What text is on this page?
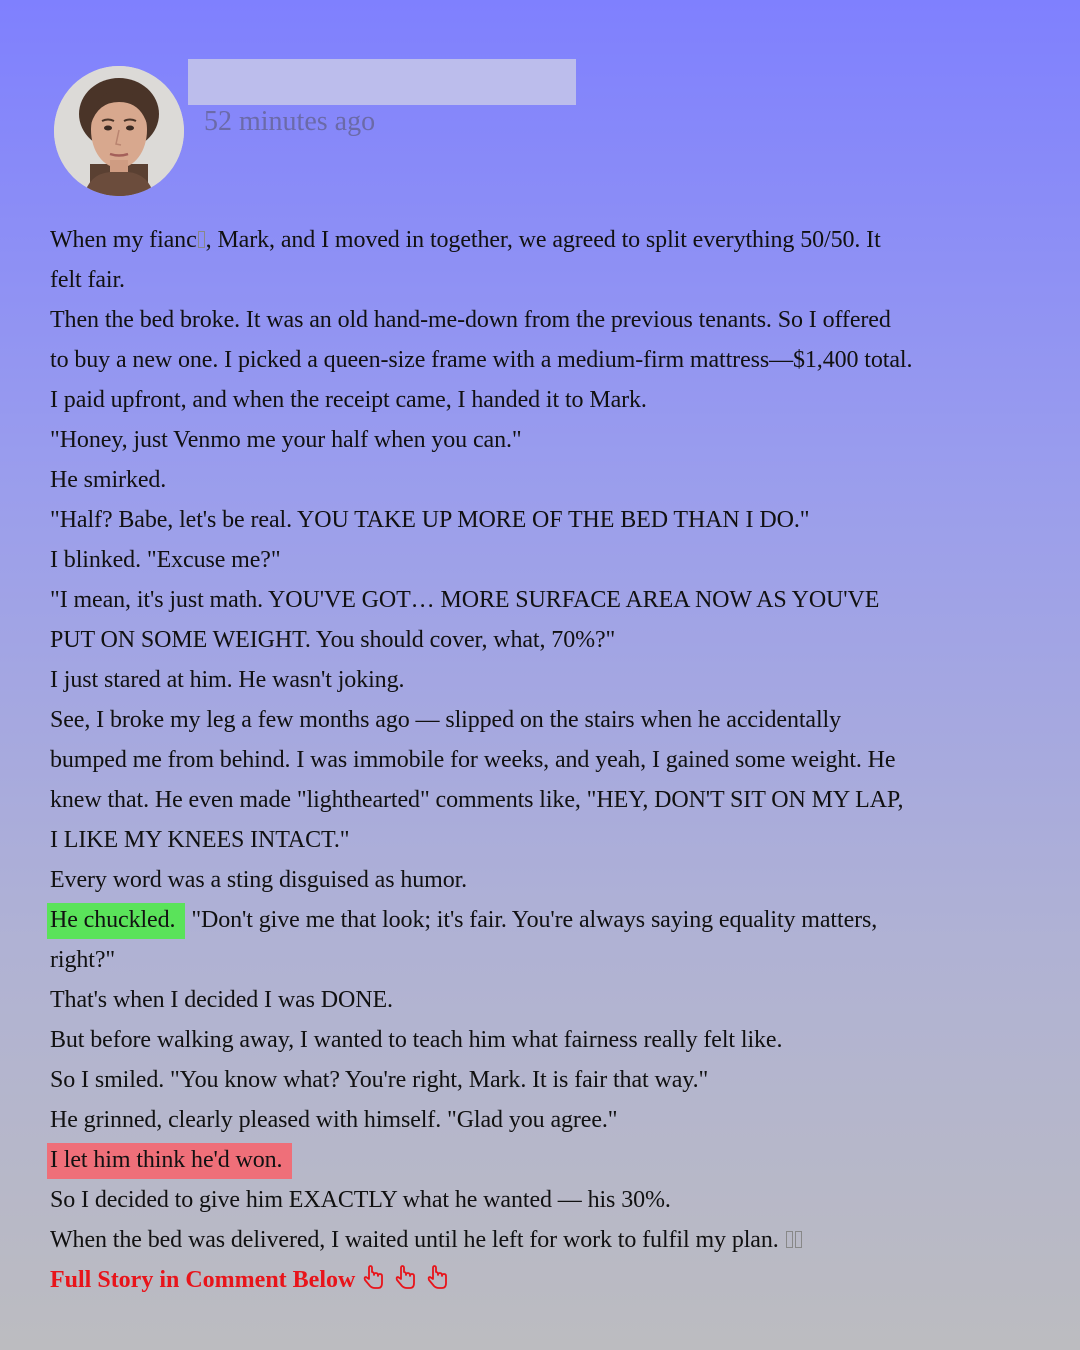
52 minutes ago
When my fianc , Mark, and I moved in together, we agreed to split everything 50/50. It
felt fair.
Then the bed broke. It was an old hand-me-down from the previous tenants. So I offered
to buy a new one. I picked a queen-size frame with a medium-firm mattress—$1,400 total.
I paid upfront, and when the receipt came, I handed it to Mark.
"Honey, just Venmo me your half when you can."
He smirked.
"Half? Babe, let's be real. YOU TAKE UP MORE OF THE BED THAN I DO."
I blinked. "Excuse me?"
"I mean, it's just math. YOU'VE GOT… MORE SURFACE AREA NOW AS YOU'VE
PUT ON SOME WEIGHT. You should cover, what, 70%?"
I just stared at him. He wasn't joking.
See, I broke my leg a few months ago — slipped on the stairs when he accidentally
bumped me from behind. I was immobile for weeks, and yeah, I gained some weight. He
knew that. He even made "lighthearted" comments like, "HEY, DON'T SIT ON MY LAP,
I LIKE MY KNEES INTACT."
Every word was a sting disguised as humor.
He chuckled. "Don't give me that look; it's fair. You're always saying equality matters,
right?"
That's when I decided I was DONE.
But before walking away, I wanted to teach him what fairness really felt like.
So I smiled. "You know what? You're right, Mark. It is fair that way."
He grinned, clearly pleased with himself. "Glad you agree."
I let him think he'd won.
So I decided to give him EXACTLY what he wanted — his 30%.
When the bed was delivered, I waited until he left for work to fulfil my plan.
Full Story in Comment Below
